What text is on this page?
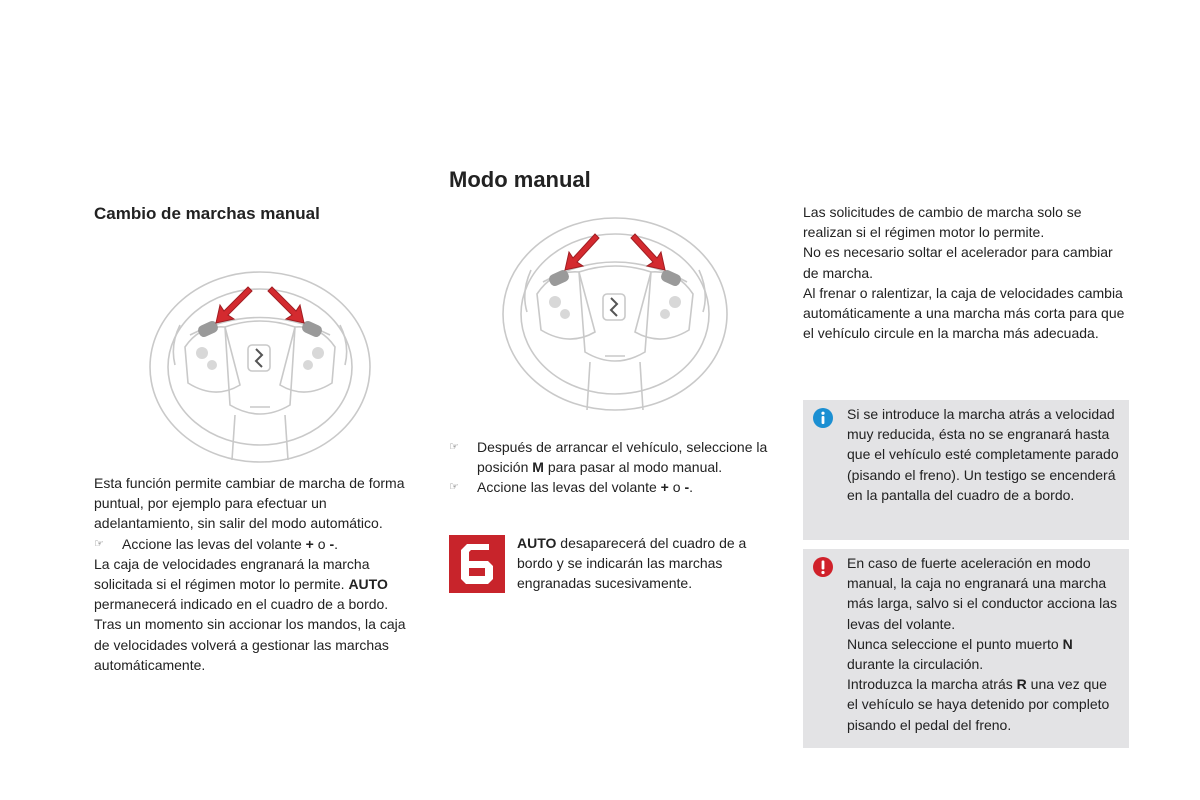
Modo manual
Cambio de marchas manual

Esta función permite cambiar de marcha de forma puntual, por ejemplo para efectuar un adelantamiento, sin salir del modo automático.

☞	Accione las levas del volante + o -.

La caja de velocidades engranará la marcha solicitada si el régimen motor lo permite. AUTO permanecerá indicado en el cuadro de a bordo.

Tras un momento sin accionar los mandos, la caja de velocidades volverá a gestionar las marchas automáticamente.

☞	Después de arrancar el vehículo, seleccione la posición M para pasar al modo manual.
☞	Accione las levas del volante + o -.
AUTO desaparecerá del cuadro de a bordo y se indicarán las marchas engranadas sucesivamente.

Las solicitudes de cambio de marcha solo se realizan si el régimen motor lo permite.

No es necesario soltar el acelerador para cambiar de marcha.

Al frenar o ralentizar, la caja de velocidades cambia automáticamente a una marcha más corta para que el vehículo circule en la marcha más adecuada.

Si se introduce la marcha atrás a velocidad muy reducida, ésta no se engranará hasta que el vehículo esté completamente parado (pisando el freno). Un testigo se encenderá en la pantalla del cuadro de a bordo.

En caso de fuerte aceleración en modo manual, la caja no engranará una marcha más larga, salvo si el conductor acciona las levas del volante.

Nunca seleccione el punto muerto N durante la circulación.

Introduzca la marcha atrás R una vez que el vehículo se haya detenido por completo pisando el pedal del freno.
